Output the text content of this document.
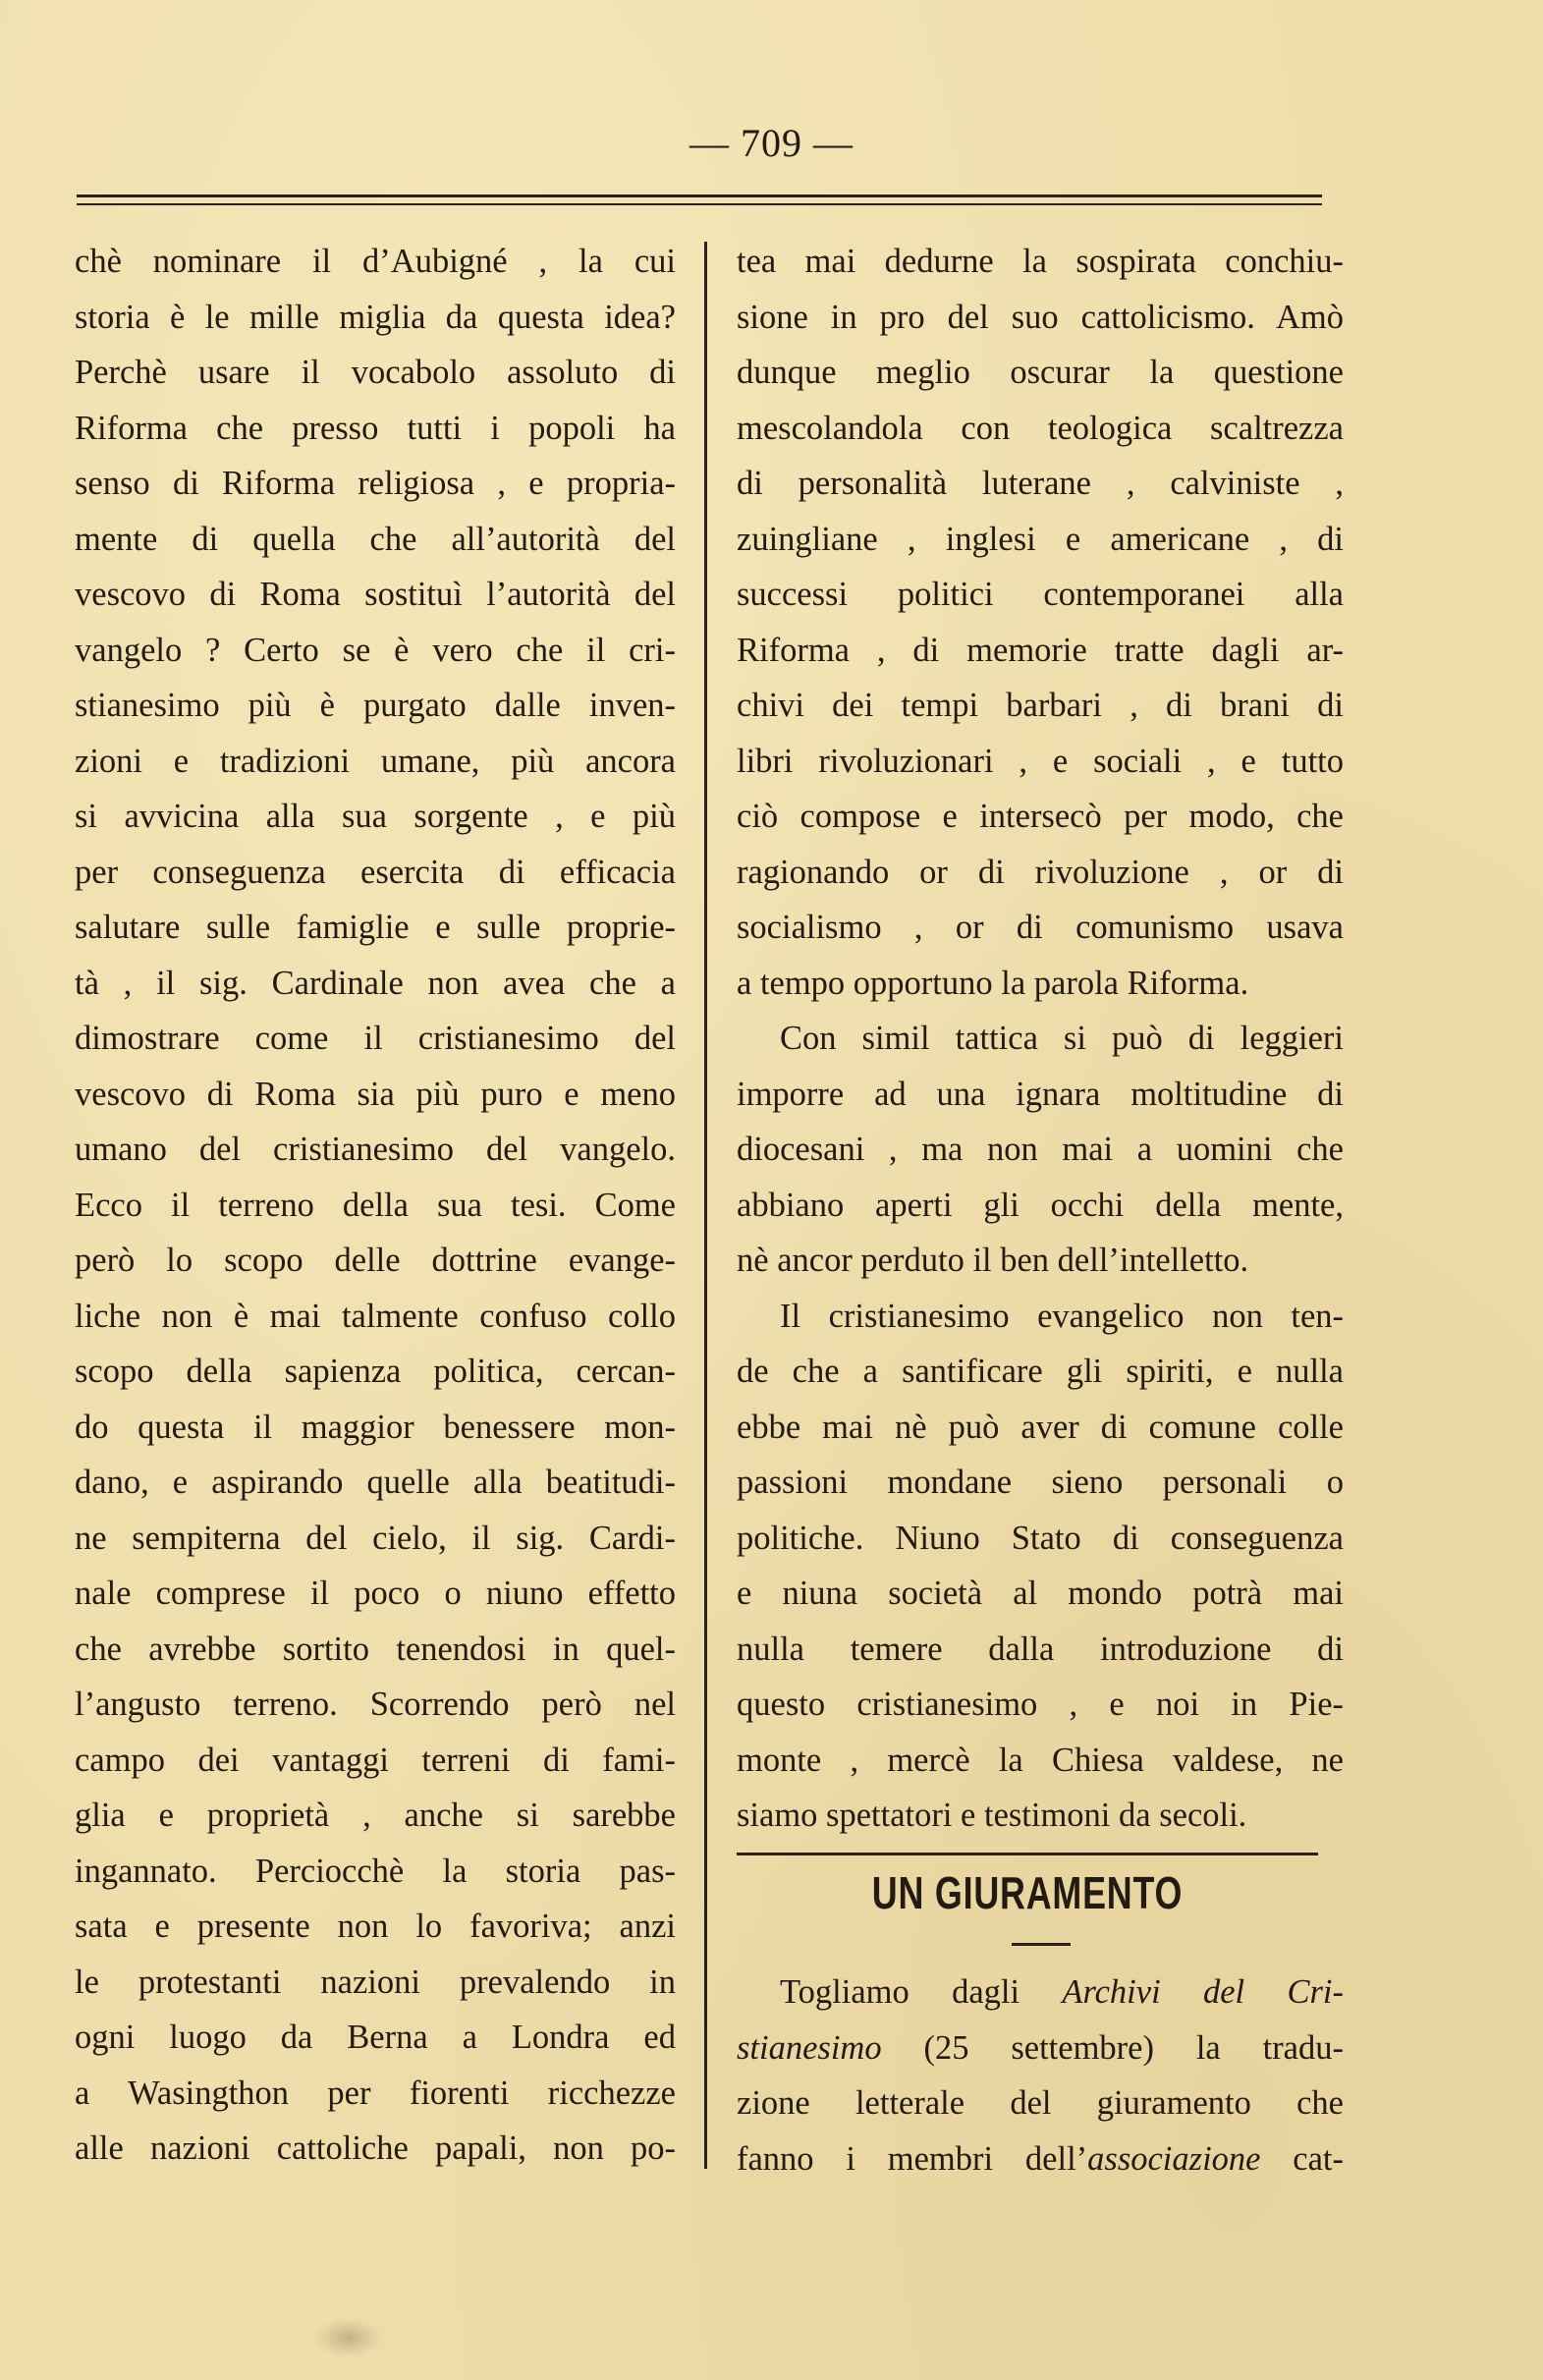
— 709 —
chè nominare il d’Aubigné , la cui
storia è le mille miglia da questa idea?
Perchè usare il vocabolo assoluto di
Riforma che presso tutti i popoli ha
senso di Riforma religiosa , e propria-
mente di quella che all’autorità del
vescovo di Roma sostituì l’autorità del
vangelo ? Certo se è vero che il cri-
stianesimo più è purgato dalle inven-
zioni e tradizioni umane, più ancora
si avvicina alla sua sorgente , e più
per conseguenza esercita di efficacia
salutare sulle famiglie e sulle proprie-
tà , il sig. Cardinale non avea che a
dimostrare come il cristianesimo del
vescovo di Roma sia più puro e meno
umano del cristianesimo del vangelo.
Ecco il terreno della sua tesi. Come
però lo scopo delle dottrine evange-
liche non è mai talmente confuso collo
scopo della sapienza politica, cercan-
do questa il maggior benessere mon-
dano, e aspirando quelle alla beatitudi-
ne sempiterna del cielo, il sig. Cardi-
nale comprese il poco o niuno effetto
che avrebbe sortito tenendosi in quel-
l’angusto terreno. Scorrendo però nel
campo dei vantaggi terreni di fami-
glia e proprietà , anche si sarebbe
ingannato. Perciocchè la storia pas-
sata e presente non lo favoriva; anzi
le protestanti nazioni prevalendo in
ogni luogo da Berna a Londra ed
a Wasingthon per fiorenti ricchezze
alle nazioni cattoliche papali, non po-
tea mai dedurne la sospirata conchiu-
sione in pro del suo cattolicismo. Amò
dunque meglio oscurar la questione
mescolandola con teologica scaltrezza
di personalità luterane , calviniste ,
zuingliane , inglesi e americane , di
successi politici contemporanei alla
Riforma , di memorie tratte dagli ar-
chivi dei tempi barbari , di brani di
libri rivoluzionari , e sociali , e tutto
ciò compose e intersecò per modo, che
ragionando or di rivoluzione , or di
socialismo , or di comunismo usava
a tempo opportuno la parola Riforma.
Con simil tattica si può di leggieri
imporre ad una ignara moltitudine di
diocesani , ma non mai a uomini che
abbiano aperti gli occhi della mente,
nè ancor perduto il ben dell’intelletto.
Il cristianesimo evangelico non ten-
de che a santificare gli spiriti, e nulla
ebbe mai nè può aver di comune colle
passioni mondane sieno personali o
politiche. Niuno Stato di conseguenza
e niuna società al mondo potrà mai
nulla temere dalla introduzione di
questo cristianesimo , e noi in Pie-
monte , mercè la Chiesa valdese, ne
siamo spettatori e testimoni da secoli.
UN GIURAMENTO
Togliamo dagli Archivi del Cri-
stianesimo (25 settembre) la tradu-
zione letterale del giuramento che
fanno i membri dell’associazione cat-
